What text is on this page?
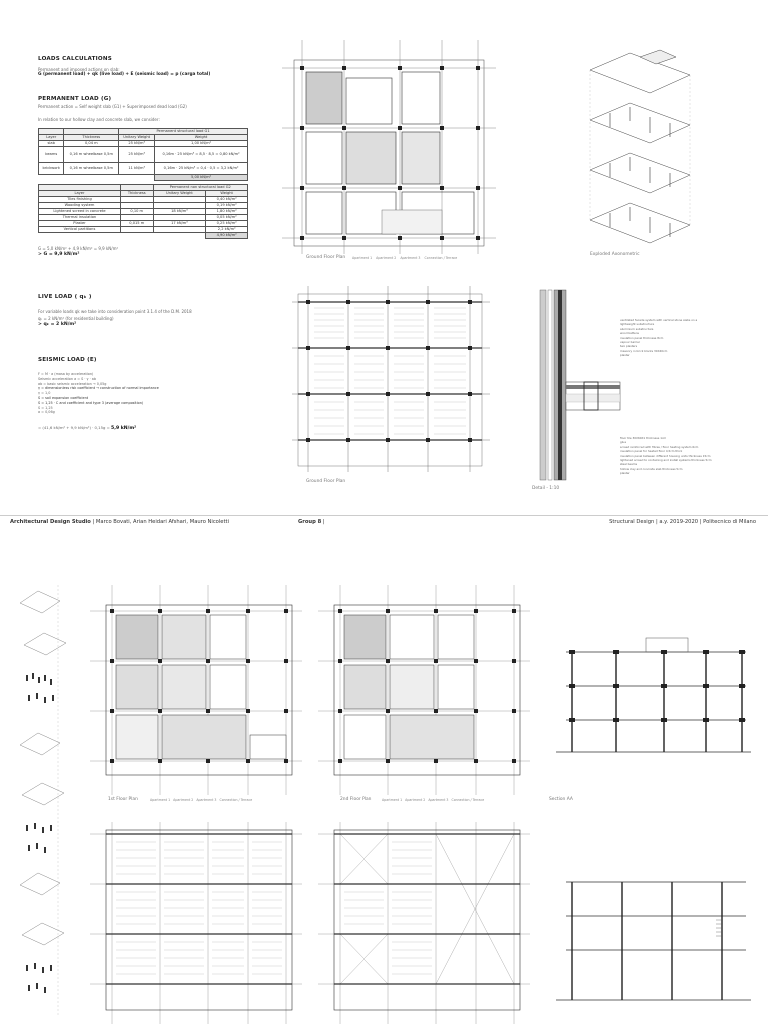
LOADS CALCULATIONS
Permanent and imposed actions on slab:
G (permanent load) + qk (live load) + E (seismic load) = p (carga total)
PERMANENT LOAD (G)
Permanent action = Self weight slab (G1) + Superimposed dead load (G2)
In relation to our hollow clay and concrete slab, we consider:
		Permanent structural load G1	
Layer	Thickness	Unitary Weight	Weight
slab	0,04 m	25 kN/m³	1,00 kN/m²
beams	0,16 m wheelbase 0,5m	25 kN/m³	0,16m · 25 kN/m³ = 8,5 · 8,5 = 0,80 kN/m²
brickwork	0,16 m wheelbase 0,5m	11 kN/m³	0,16m · 25 kN/m³ = 0,4 · 0,5 = 3,2 kN/m²
			5,00 kN/m²
		Permanent non structural load G2	
Layer	Thickness	Unitary Weight	Weight
Tiles finishing			0,40 kN/m²
Wooding system			0,19 kN/m²
Lightened screed in concrete	0,10 m	18 kN/m³	1,80 kN/m²
Thermal insulation			0,05 kN/m²
Plaster	0,015 m	17 kN/m³	0,25 kN/m²
Vertical partitions			2,2 kN/m²
			4,90 kN/m²
G = 5,0 kN/m² + 4,9 kN/m² = 9,9 kN/m²
> G = 9,9 kN/m²
LIVE LOAD ( qₖ )
For variable loads qk we take into consideration point 3.1.4 of the D.M. 2018
qₖ = 2 kN/m² (for residential building)
> qₖ = 2 kN/m²
SEISMIC LOAD (E)
F = M · a (masa by acceleration)
Seismic acceleration a = S · γ · ab
ab = basic seismic acceleration → 0,05g
γ = dimensionless risk coefficient → construction of normal importance
γ = 1,0
S = soil expansion coefficient
S = 1,25 · C and coefficient and type 3 (average composition)
S = 1,25
a = 0,06g
= (41,6 kN/m² + 9,9 kN/m²) · 0,15g = 5,9 kN/m²
Ground Floor Plan Apartment 1 Apartment 2 Apartment 3 Connection / Terrace
Exploded Axonometric
Ground Floor Plan
ventilated facade system with vertical stone slabs on a
lightweight substructure
aluminium substructure
wood battens
insulation panel thickness 8cm
vapour barrier
two plasters
masonry in brick blocks 30X40cm
plaster
floor tile 30X60X1 thickness 1cm
glue
screed reinforced with fibres / floor heating system 6cm
insulation panel for heated floor 4,5cm thick
insulation panel between different housing units thickness 15cm
lightened screed to containing and install systems thickness 5cm
steel beams
hollow clay and concrete slab thickness 5cm
plaster
Detail - 1:10
Architectural Design Studio | Marco Bovati, Arian Heidari Afshari, Mauro Nicoletti	Group 8 |	Structural Design | a.y. 2019-2020 | Politecnico di Milano
1st Floor Plan	Apartment 1 Apartment 2 Apartment 3 Connection / Terrace	2nd Floor Plan	Apartment 1 Apartment 2 Apartment 3 Connection / Terrace	Section AA
